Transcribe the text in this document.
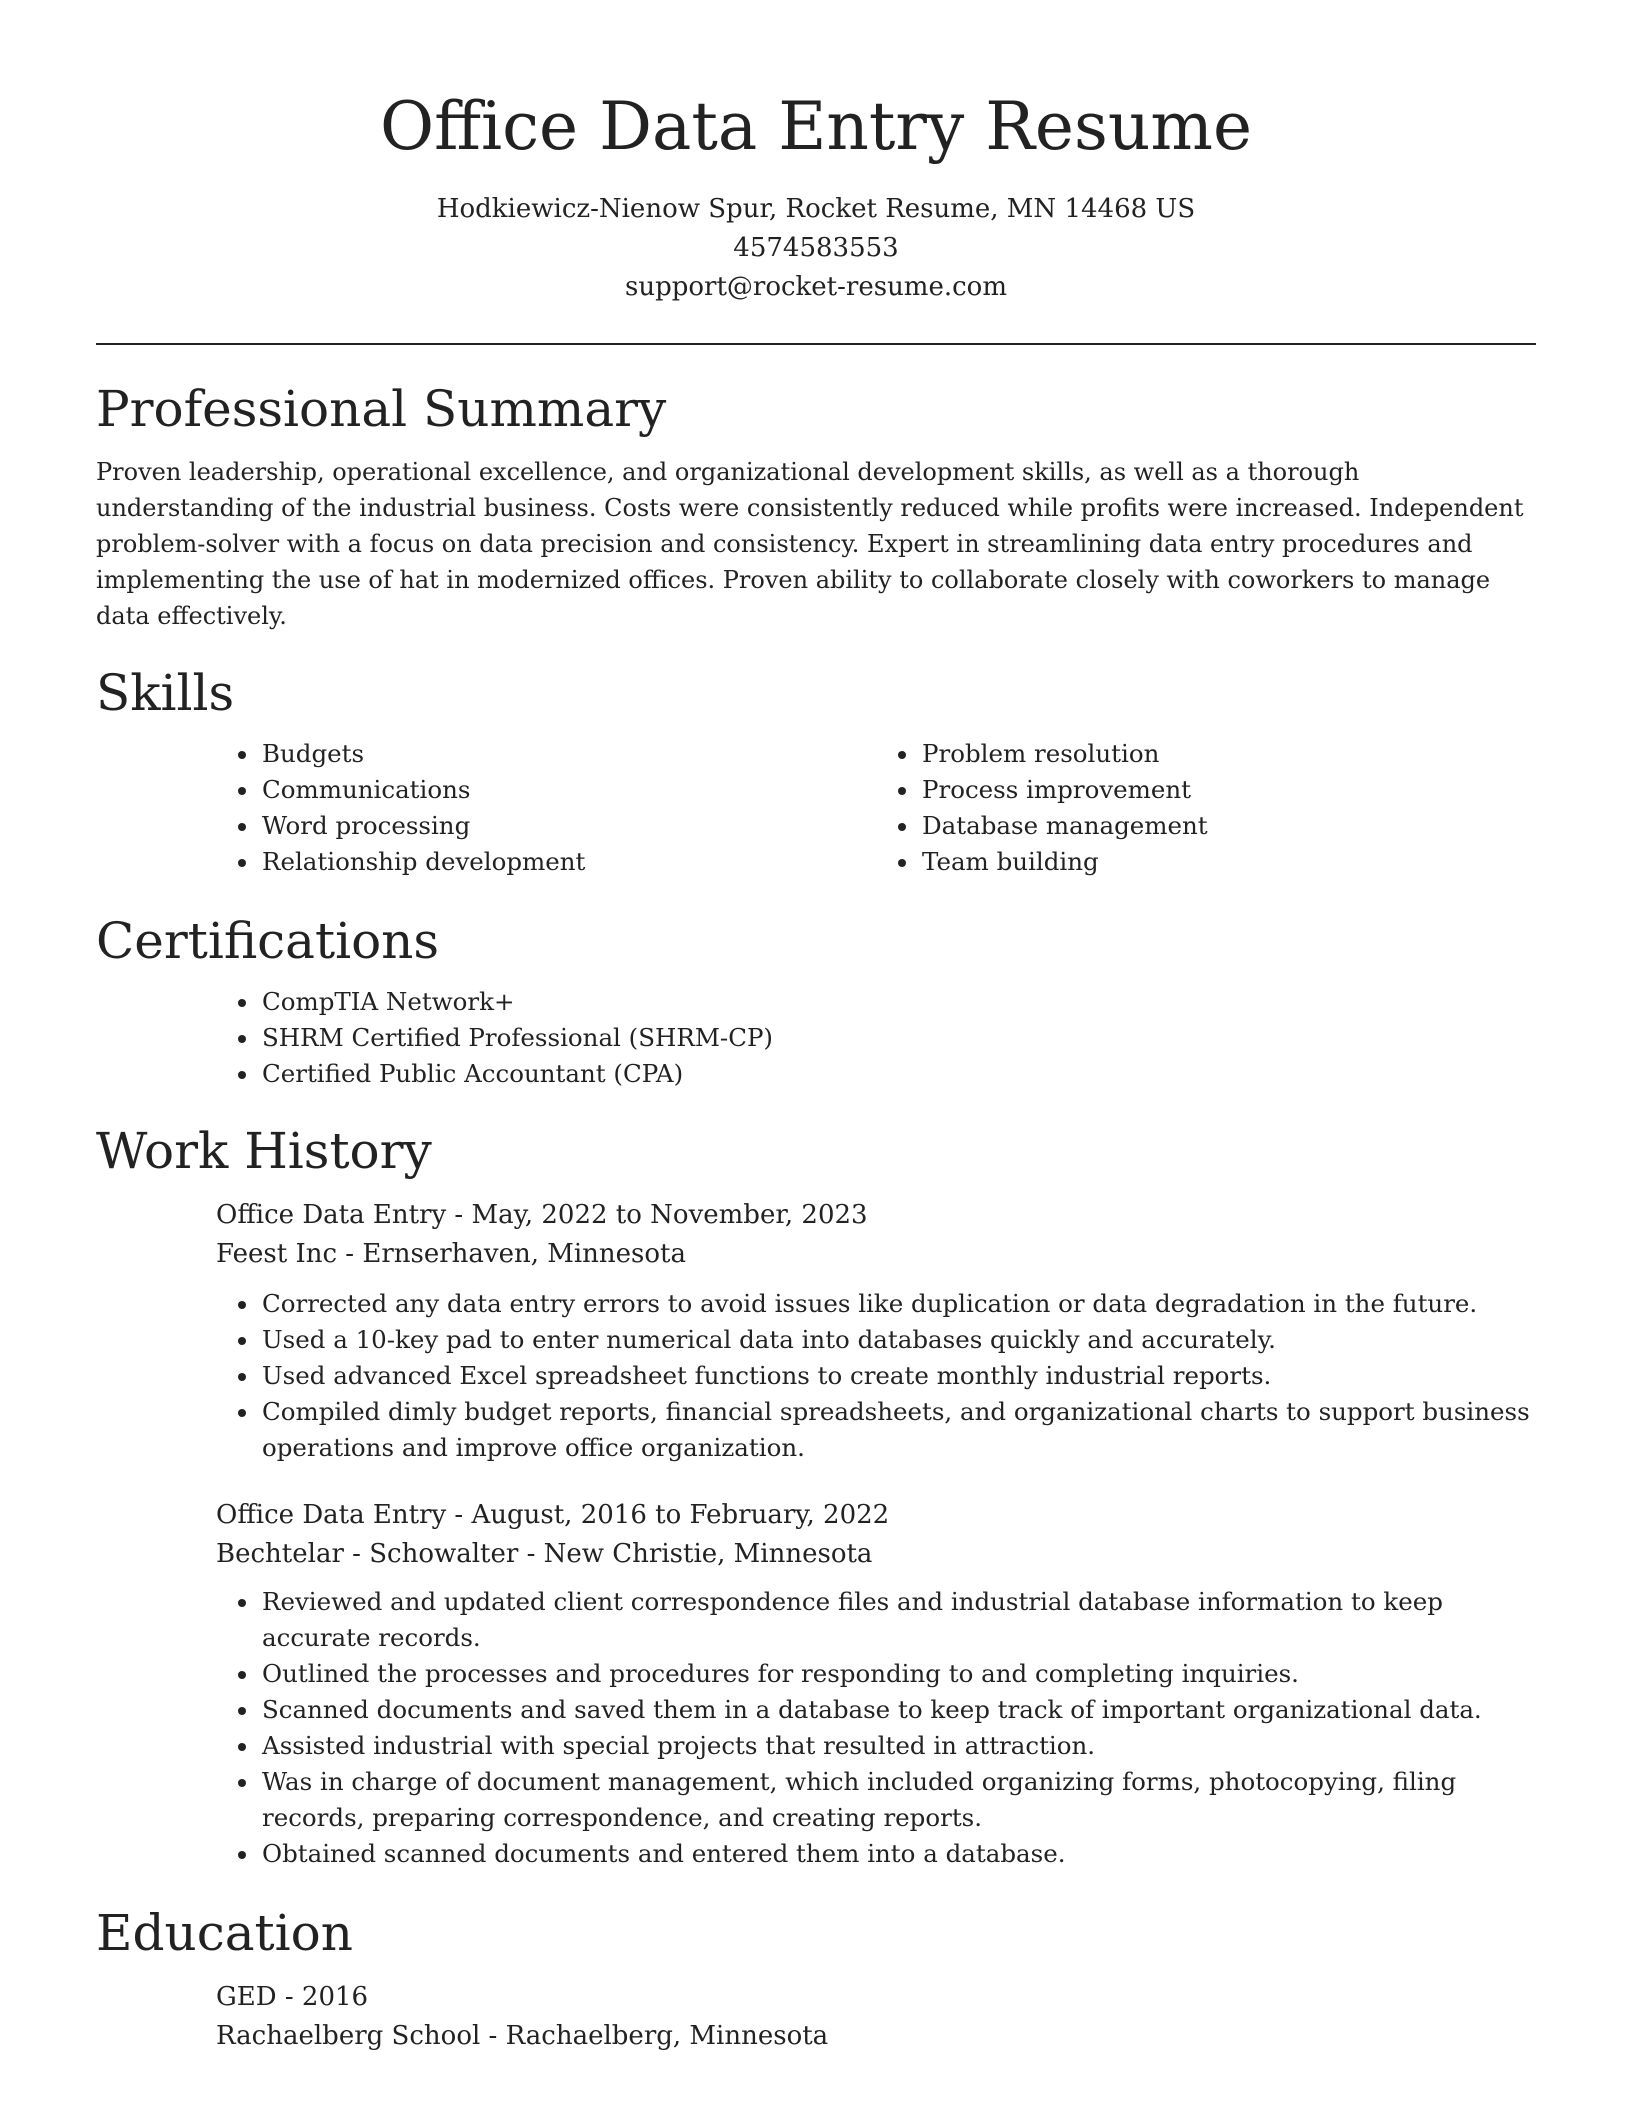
Office Data Entry Resume
Hodkiewicz-Nienow Spur, Rocket Resume, MN 14468 US
4574583553
support@rocket-resume.com
Professional Summary

Proven leadership, operational excellence, and organizational development skills, as well as a thorough understanding of the industrial business. Costs were consistently reduced while profits were increased. Independent problem-solver with a focus on data precision and consistency. Expert in streamlining data entry procedures and implementing the use of hat in modernized offices. Proven ability to collaborate closely with coworkers to manage data effectively.

Skills
• Budgets
• Communications
• Word processing
• Relationship development
• Problem resolution
• Process improvement
• Database management
• Team building
Certifications
• CompTIA Network+
• SHRM Certified Professional (SHRM-CP)
• Certified Public Accountant (CPA)
Work History
Office Data Entry - May, 2022 to November, 2023
Feest Inc - Ernserhaven, Minnesota
• Corrected any data entry errors to avoid issues like duplication or data degradation in the future.
• Used a 10-key pad to enter numerical data into databases quickly and accurately.
• Used advanced Excel spreadsheet functions to create monthly industrial reports.
• Compiled dimly budget reports, financial spreadsheets, and organizational charts to support business operations and improve office organization.
Office Data Entry - August, 2016 to February, 2022
Bechtelar - Schowalter - New Christie, Minnesota
• Reviewed and updated client correspondence files and industrial database information to keep accurate records.
• Outlined the processes and procedures for responding to and completing inquiries.
• Scanned documents and saved them in a database to keep track of important organizational data.
• Assisted industrial with special projects that resulted in attraction.
• Was in charge of document management, which included organizing forms, photocopying, filing records, preparing correspondence, and creating reports.
• Obtained scanned documents and entered them into a database.
Education
GED - 2016
Rachaelberg School - Rachaelberg, Minnesota
